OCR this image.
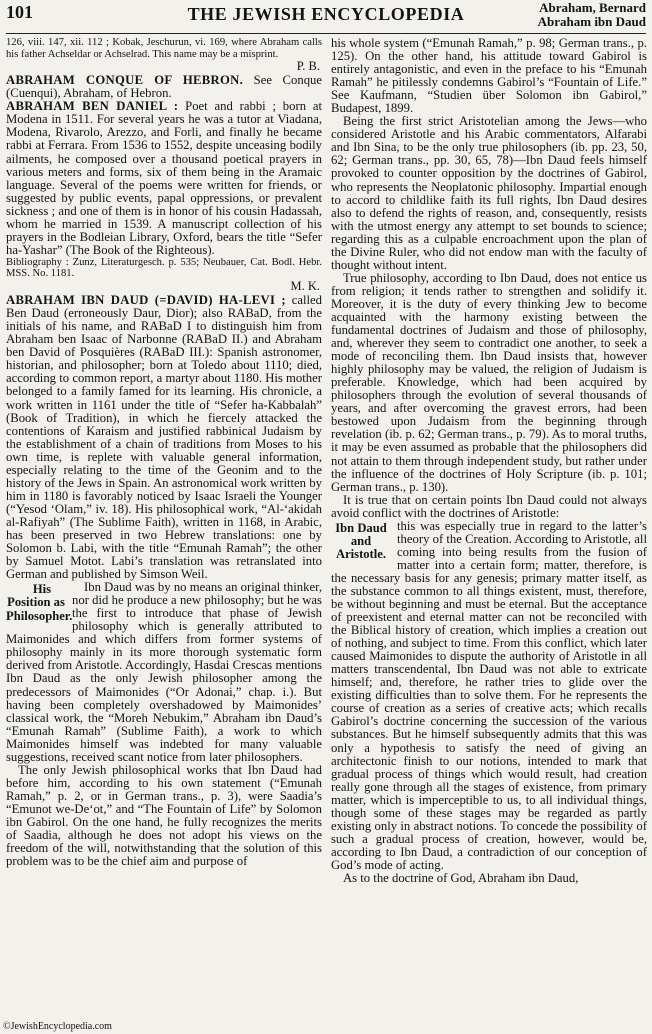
101	THE JEWISH ENCYCLOPEDIA	Abraham, Bernard
Abraham ibn Daud

126, viii. 147, xii. 112 ; Kobak, Jeschurun, vi. 169, where Abraham calls his father Achseldar or Achselrad. This name may be a misprint.

P. B.

ABRAHAM CONQUE OF HEBRON. See Conque (Cuenqui), Abraham, of Hebron.

ABRAHAM BEN DANIEL : Poet and rabbi ; born at Modena in 1511. For several years he was a tutor at Viadana, Modena, Rivarolo, Arezzo, and Forli, and finally he became rabbi at Ferrara. From 1536 to 1552, despite unceasing bodily ailments, he composed over a thousand poetical prayers in various meters and forms, six of them being in the Aramaic language. Several of the poems were written for friends, or suggested by public events, papal oppressions, or prevalent sickness ; and one of them is in honor of his cousin Hadassah, whom he married in 1539. A manuscript collection of his prayers in the Bodleian Library, Oxford, bears the title “Sefer ha-Yashar” (The Book of the Righteous).

Bibliography : Zunz, Literaturgesch. p. 535; Neubauer, Cat. Bodl. Hebr. MSS. No. 1181.

M. K.

ABRAHAM IBN DAUD (=DAVID) HA-LEVI ; called Ben Daud (erroneously Daur, Dior); also RABaD, from the initials of his name, and RABaD I to distinguish him from Abraham ben Isaac of Narbonne (RABaD II.) and Abraham ben David of Posquières (RABaD III.): Spanish astronomer, historian, and philosopher; born at Toledo about 1110; died, according to common report, a martyr about 1180. His mother belonged to a family famed for its learning. His chronicle, a work written in 1161 under the title of “Sefer ha-Kabbalah” (Book of Tradition), in which he fiercely attacked the contentions of Karaism and justified rabbinical Judaism by the establishment of a chain of traditions from Moses to his own time, is replete with valuable general information, especially relating to the time of the Geonim and to the history of the Jews in Spain. An astronomical work written by him in 1180 is favorably noticed by Isaac Israeli the Younger (“Yesod ‘Olam,” iv. 18). His philosophical work, “Al-‘akidah al-Rafiyah” (The Sublime Faith), written in 1168, in Arabic, has been preserved in two Hebrew translations: one by Solomon b. Labi, with the title “Emunah Ramah”; the other by Samuel Motot. Labi’s translation was retranslated into German and published by Simson Weil.

His Position as Philosopher.
Ibn Daud was by no means an original thinker, nor did he produce a new philosophy; but he was the first to introduce that phase of Jewish philosophy which is generally attributed to Maimonides and which differs from former systems of philosophy mainly in its more thorough systematic form derived from Aristotle. Accordingly, Hasdai Crescas mentions Ibn Daud as the only Jewish philosopher among the predecessors of Maimonides (“Or Adonai,” chap. i.). But having been completely overshadowed by Maimonides’ classical work, the “Moreh Nebukim,” Abraham ibn Daud’s “Emunah Ramah” (Sublime Faith), a work to which Maimonides himself was indebted for many valuable suggestions, received scant notice from later philosophers.

The only Jewish philosophical works that Ibn Daud had before him, according to his own statement (“Emunah Ramah,” p. 2, or in German trans., p. 3), were Saadia’s “Emunot we-De‘ot,” and “The Fountain of Life” by Solomon ibn Gabirol. On the one hand, he fully recognizes the merits of Saadia, although he does not adopt his views on the freedom of the will, notwithstanding that the solution of this problem was to be the chief aim and purpose of

his whole system (“Emunah Ramah,” p. 98; German trans., p. 125). On the other hand, his attitude toward Gabirol is entirely antagonistic, and even in the preface to his “Emunah Ramah” he pitilessly condemns Gabirol’s “Fountain of Life.” See Kaufmann, “Studien über Solomon ibn Gabirol,” Budapest, 1899.

Being the first strict Aristotelian among the Jews—who considered Aristotle and his Arabic commentators, Alfarabi and Ibn Sina, to be the only true philosophers (ib. pp. 23, 50, 62; German trans., pp. 30, 65, 78)—Ibn Daud feels himself provoked to counter opposition by the doctrines of Gabirol, who represents the Neoplatonic philosophy. Impartial enough to accord to childlike faith its full rights, Ibn Daud desires also to defend the rights of reason, and, consequently, resists with the utmost energy any attempt to set bounds to science; regarding this as a culpable encroachment upon the plan of the Divine Ruler, who did not endow man with the faculty of thought without intent.

True philosophy, according to Ibn Daud, does not entice us from religion; it tends rather to strengthen and solidify it. Moreover, it is the duty of every thinking Jew to become acquainted with the harmony existing between the fundamental doctrines of Judaism and those of philosophy, and, wherever they seem to contradict one another, to seek a mode of reconciling them. Ibn Daud insists that, however highly philosophy may be valued, the religion of Judaism is preferable. Knowledge, which had been acquired by philosophers through the evolution of several thousands of years, and after overcoming the gravest errors, had been bestowed upon Judaism from the beginning through revelation (ib. p. 62; German trans., p. 79). As to moral truths, it may be even assumed as probable that the philosophers did not attain to them through independent study, but rather under the influence of the doctrines of Holy Scripture (ib. p. 101; German trans., p. 130).

It is true that on certain points Ibn Daud could not always avoid conflict with the doctrines of Aristotle:

Ibn Daud and Aristotle.
this was especially true in regard to the latter’s theory of the Creation. According to Aristotle, all coming into being results from the fusion of matter into a certain form; matter, therefore, is the necessary basis for any genesis; primary matter itself, as the substance common to all things existent, must, therefore, be without beginning and must be eternal. But the acceptance of preexistent and eternal matter can not be reconciled with the Biblical history of creation, which implies a creation out of nothing, and subject to time. From this conflict, which later caused Maimonides to dispute the authority of Aristotle in all matters transcendental, Ibn Daud was not able to extricate himself; and, therefore, he rather tries to glide over the existing difficulties than to solve them. For he represents the course of creation as a series of creative acts; which recalls Gabirol’s doctrine concerning the succession of the various substances. But he himself subsequently admits that this was only a hypothesis to satisfy the need of giving an architectonic finish to our notions, intended to mark that gradual process of things which would result, had creation really gone through all the stages of existence, from primary matter, which is imperceptible to us, to all individual things, though some of these stages may be regarded as partly existing only in abstract notions. To concede the possibility of such a gradual process of creation, however, would be, according to Ibn Daud, a contradiction of our conception of God’s mode of acting.

As to the doctrine of God, Abraham ibn Daud,

©JewishEncyclopedia.com
